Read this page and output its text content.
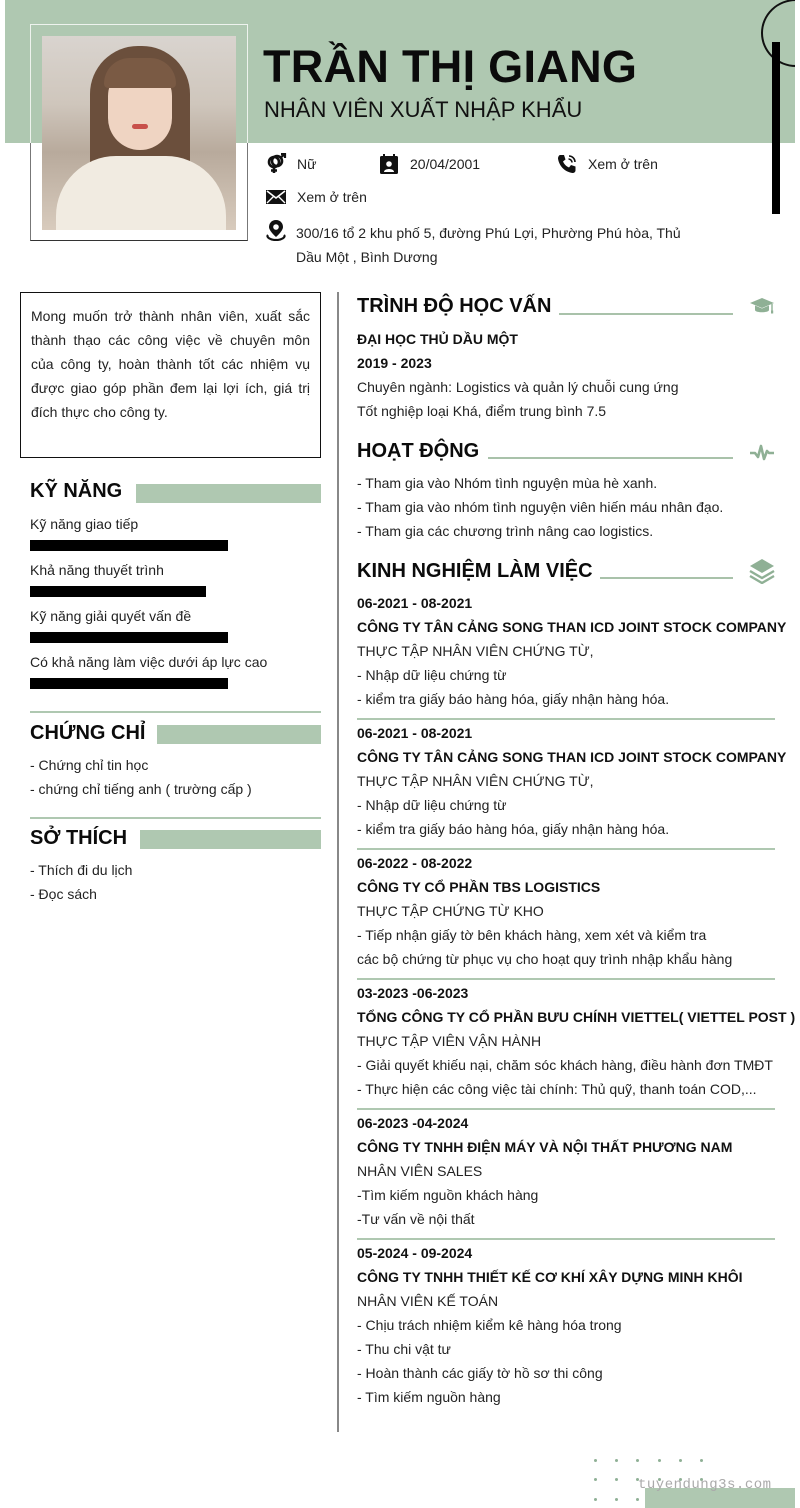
TRẦN THỊ GIANG
NHÂN VIÊN XUẤT NHẬP KHẨU
Nữ	20/04/2001	Xem ở trên
Xem ở trên
300/16 tổ 2 khu phố 5, đường Phú Lợi, Phường Phú hòa, Thủ Dầu Một , Bình Dương
Mong muốn trở thành nhân viên, xuất sắc thành thạo các công việc về chuyên môn của công ty, hoàn thành tốt các nhiệm vụ được giao góp phần đem lại lợi ích, giá trị đích thực cho công ty.
KỸ NĂNG
Kỹ năng giao tiếp
Khả năng thuyết trình
Kỹ năng giải quyết vấn đề
Có khả năng làm việc dưới áp lực cao
CHỨNG CHỈ
- Chứng chỉ tin học
- chứng chỉ tiếng anh ( trường cấp )
SỞ THÍCH
- Thích đi du lịch
- Đọc sách
TRÌNH ĐỘ HỌC VẤN
ĐẠI HỌC THỦ DẦU MỘT
2019 - 2023
Chuyên ngành: Logistics và quản lý chuỗi cung ứng
Tốt nghiệp loại Khá, điểm trung bình 7.5
HOẠT ĐỘNG
- Tham gia vào Nhóm tình nguyện mùa hè xanh.
- Tham gia vào nhóm tình nguyện viên hiến máu nhân đạo.
- Tham gia các chương trình nâng cao logistics.
KINH NGHIỆM LÀM VIỆC
06-2021 - 08-2021
CÔNG TY TÂN CẢNG SONG THAN ICD JOINT STOCK COMPANY
THỰC TẬP NHÂN VIÊN CHỨNG TỪ,
- Nhập dữ liệu chứng từ
- kiểm tra giấy báo hàng hóa, giấy nhận hàng hóa.
06-2021 - 08-2021
CÔNG TY TÂN CẢNG SONG THAN ICD JOINT STOCK COMPANY
THỰC TẬP NHÂN VIÊN CHỨNG TỪ,
- Nhập dữ liệu chứng từ
- kiểm tra giấy báo hàng hóa, giấy nhận hàng hóa.
06-2022 - 08-2022
CÔNG TY CỔ PHẦN TBS LOGISTICS
THỰC TẬP CHỨNG TỪ KHO
- Tiếp nhận giấy tờ bên khách hàng, xem xét và kiểm tra
các bộ chứng từ phục vụ cho hoạt quy trình nhập khẩu hàng
03-2023 -06-2023
TỔNG CÔNG TY CỔ PHẦN BƯU CHÍNH VIETTEL( VIETTEL POST )
THỰC TẬP VIÊN VẬN HÀNH
- Giải quyết khiếu nại, chăm sóc khách hàng, điều hành đơn TMĐT
- Thực hiện các công việc tài chính: Thủ quỹ, thanh toán COD,...
06-2023 -04-2024
CÔNG TY TNHH ĐIỆN MÁY VÀ NỘI THẤT PHƯƠNG NAM
NHÂN VIÊN SALES
-Tìm kiếm nguồn khách hàng
-Tư vấn về nội thất
05-2024 - 09-2024
CÔNG TY TNHH THIẾT KẾ CƠ KHÍ XÂY DỰNG MINH KHÔI
NHÂN VIÊN KẾ TOÁN
- Chịu trách nhiệm kiểm kê hàng hóa trong
- Thu chi vật tư
- Hoàn thành các giấy tờ hồ sơ thi công
- Tìm kiếm nguồn hàng
tuyendung3s.com
